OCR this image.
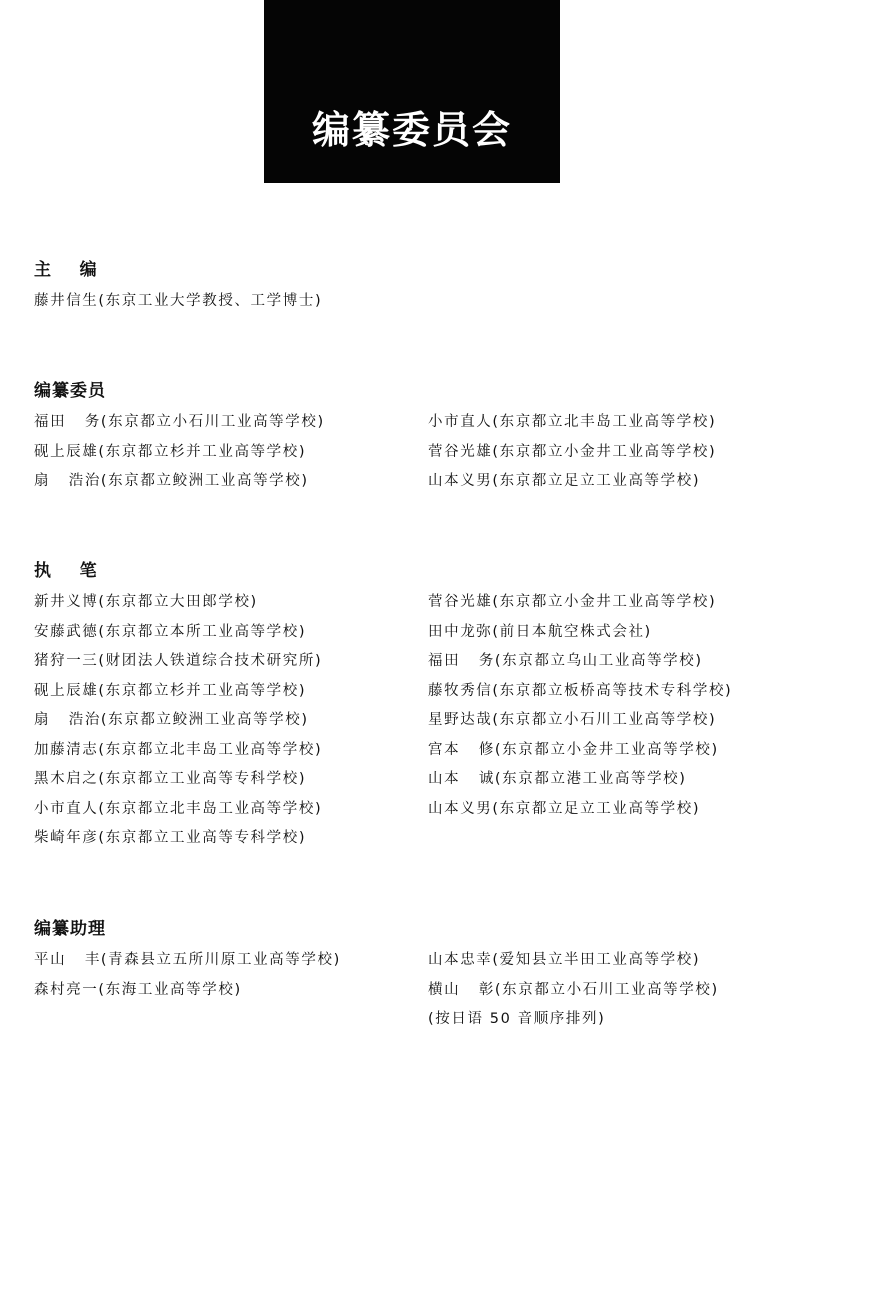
编纂委员会
主    编
藤井信生(东京工业大学教授、工学博士)
编纂委员
福田   务(东京都立小石川工业高等学校)
砚上辰雄(东京都立杉并工业高等学校)
扇   浩治(东京都立鲛洲工业高等学校)
小市直人(东京都立北丰岛工业高等学校)
菅谷光雄(东京都立小金井工业高等学校)
山本义男(东京都立足立工业高等学校)
执    笔
新井义博(东京都立大田郎学校)
安藤武德(东京都立本所工业高等学校)
猪狩一三(财团法人铁道综合技术研究所)
砚上辰雄(东京都立杉并工业高等学校)
扇   浩治(东京都立鲛洲工业高等学校)
加藤清志(东京都立北丰岛工业高等学校)
黑木启之(东京都立工业高等专科学校)
小市直人(东京都立北丰岛工业高等学校)
柴崎年彦(东京都立工业高等专科学校)
菅谷光雄(东京都立小金井工业高等学校)
田中龙弥(前日本航空株式会社)
福田   务(东京都立乌山工业高等学校)
藤牧秀信(东京都立板桥高等技术专科学校)
星野达哉(东京都立小石川工业高等学校)
宫本   修(东京都立小金井工业高等学校)
山本   诚(东京都立港工业高等学校)
山本义男(东京都立足立工业高等学校)
编纂助理
平山   丰(青森县立五所川原工业高等学校)
森村亮一(东海工业高等学校)
山本忠幸(爱知县立半田工业高等学校)
横山   彰(东京都立小石川工业高等学校)
(按日语 50 音顺序排列)
